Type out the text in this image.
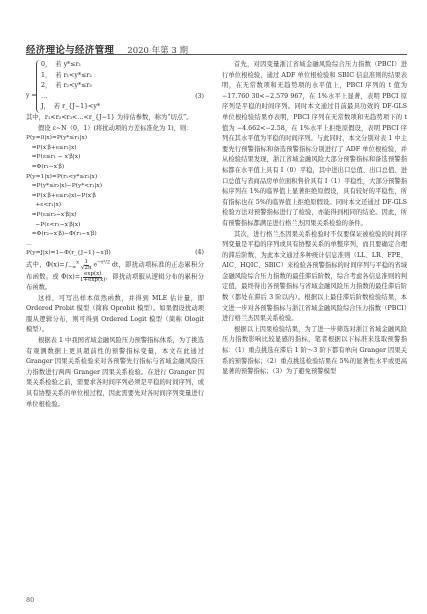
经济理论与经济管理 2020 年第 3 期
y =
0，  若 y*≤r₁
1，  若 r₁<y*≤r₂
2，  若 r₂<y*≤r₃
…
J，  若 r_{J−1}<y*
(3)

其中，r₁<r₂<r₃<…<r_{J−1} 为待估参数，称为“切点”。

假设 ε~N（0，1）(将扰动项的方差标准化为 1)，则：

P(y=0|x)=P(y*≤r₁|x)
=P(x′β+ε≤r₁|x)
=P(ε≤r₁ − x′β|x)
=Φ(r₁−x′β)
P(y=1|x)=P(r₁<y*≤r₂|x)
=P(y*≤r₂|x)−P(y*<r₁|x)
=P(x′β+ε≤r₂|x)−P(x′β
+ε<r₁|x)
=P(ε≤r₂−x′β|x)
−P(ε<r₁−x′β|x)
=Φ(r₂−x′β)−Φ(r₁−x′β)
…
P(y=J|x)=1−Φ(r_{J−1}−x′β)	(4)

式中，$\Phi(x)=\int_{-\infty}^x$ 1
√2π $e^{-t^2/2}$ dt，即扰动项标准的正态累积分布函数。或 Φ(x)= exp(x)
1+exp(x)，即扰动项服从逻辑分布的累积分布函数。

这样，可写出样本似然函数，并得到 MLE 估计量，即 Ordered Probit 模型（简称 Oprobit 模型）。如果假设扰动项服从逻辑分布，则可得到 Ordered Logit 模型（简称 Ologit 模型）。

根据表 1 中我国省域金融风险压力预警指标体系，为了挑选有观测数据上更具超前性的预警指标变量，本文在此通过 Granger 因果关系检验来对各预警先行指标与省域金融风险压力指数进行两两 Granger 因果关系检验。在进行 Granger 因果关系检验之前，需要求各时间序列必须是平稳的时间序列，或具有协整关系的单位根过程，因此需要先对各时间序列变量进行单位根检验。

首先，对因变量浙江省域金融风险综合压力指数（PBCI）进行单位根检验，通过 ADF 单位根检验和 SBIC 信息准则的结果表明，在无常数项和无趋势项的水平值上，PBCI 序列的 t 值为 −17.760 30<−2.579 967，在 1%水平上显著，表明 PBCI 原序列是平稳的时间序列。同时本文通过目前最具功效的 DF-GLS 单位根检验结果亦表明，PBCI 序列在无常数项和无趋势项下的 t 值为 −4.662<−2.58，在 1%水平上拒绝原假设，表明 PBCI 序列在其水平值为平稳的时间序列。与此同时，本文分别对表 1 中主要先行预警指标和备选预警指标分别进行了 ADF 单位根检验，并从检验结果发现，浙江省域金融风险大部分预警指标和备选预警指标都在水平值上具有 I（0）平稳，其中进出口总值、出口总值、进口总值与省商品房单位面积售价具有 I（1）平稳性，大部分预警指标序列在 1%的临界值上显著拒绝原假设，具有较好的平稳性，所有指标也在 5%的临界值上拒绝原假设。同时本文还通过 DF-GLS 检验方法对预警指标进行了检验，亦能得到相同的结论。因此，所有预警指标都满足进行格兰杰因果关系检验的条件。

其次，进行格兰杰因果关系检验时不仅要保证被检验的时间序列变量是平稳的序列或具有协整关系的单整序列，而且要确定合理的滞后阶数，为此本文通过多种统计信息准则（LL、LR、FPE、AIC、HQIC、SBIC）来检验各预警指标的时间序列与平稳的省域金融风险综合压力指数的最佳滞后阶数，综合考虑各信息准则的判定值，最终得出各预警指标与省域金融风险压力指数的最佳滞后阶数（都处在滞后 3 阶以内）。根据以上最佳滞后阶数检验结果，本文进一步对各预警指标与浙江省域金融风险综合压力指数（PBCI）进行格兰杰因果关系检验。

根据以上因果检验结果，为了进一步筛选对浙江省域金融风险压力指数影响比较显感的指标，笔者根据以下标准来选取预警指标：（1）重点挑选在滞后 1 阶～3 阶下都有单向 Granger 因果关系的预警指标；（2）重点挑选检验结果在 5%的显著性水平或更高显著的预警指标；（3）为了避免预警模型

80
